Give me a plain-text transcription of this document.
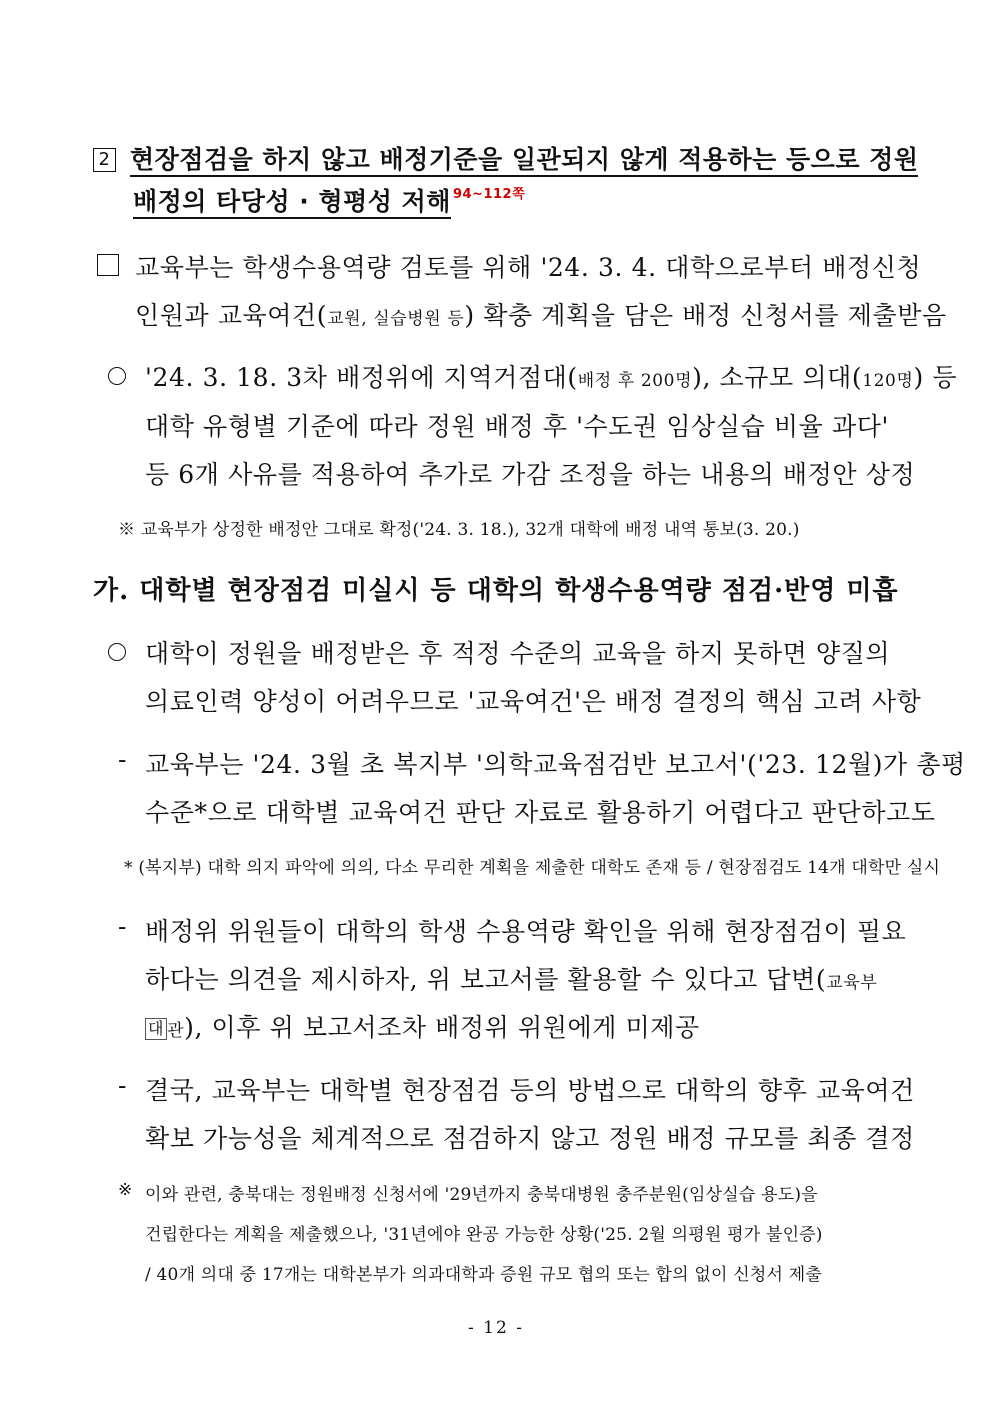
2 현장점검을 하지 않고 배정기준을 일관되지 않게 적용하는 등으로 정원
배정의 타당성 · 형평성 저해 $^{94\sim 112쪽}$
교육부는 학생수용역량 검토를 위해 '24. 3. 4. 대학으로부터 배정신청
인원과 교육여건(교원, 실습병원 등) 확충 계획을 담은 배정 신청서를 제출받음
'24. 3. 18. 3차 배정위에 지역거점대(배정 후 200명), 소규모 의대(120명) 등
대학 유형별 기준에 따라 정원 배정 후 '수도권 임상실습 비율 과다'
등 6개 사유를 적용하여 추가로 가감 조정을 하는 내용의 배정안 상정
※ 교육부가 상정한 배정안 그대로 확정('24. 3. 18.), 32개 대학에 배정 내역 통보(3. 20.)
가. 대학별 현장점검 미실시 등 대학의 학생수용역량 점검·반영 미흡
대학이 정원을 배정받은 후 적정 수준의 교육을 하지 못하면 양질의
의료인력 양성이 어려우므로 '교육여건'은 배정 결정의 핵심 고려 사항
- 교육부는 '24. 3월 초 복지부 '의학교육점검반 보고서'('23. 12월)가 총평
수준*으로 대학별 교육여건 판단 자료로 활용하기 어렵다고 판단하고도
* (복지부) 대학 의지 파악에 의의, 다소 무리한 계획을 제출한 대학도 존재 등 / 현장점검도 14개 대학만 실시
- 배정위 위원들이 대학의 학생 수용역량 확인을 위해 현장점검이 필요
하다는 의견을 제시하자, 위 보고서를 활용할 수 있다고 답변(교육부
대 관), 이후 위 보고서조차 배정위 위원에게 미제공
- 결국, 교육부는 대학별 현장점검 등의 방법으로 대학의 향후 교육여건
확보 가능성을 체계적으로 점검하지 않고 정원 배정 규모를 최종 결정
※ 이와 관련, 충북대는 정원배정 신청서에 '29년까지 충북대병원 충주분원(임상실습 용도)을
건립한다는 계획을 제출했으나, '31년에야 완공 가능한 상황('25. 2월 의평원 평가 불인증)
/ 40개 의대 중 17개는 대학본부가 의과대학과 증원 규모 협의 또는 합의 없이 신청서 제출
- 12 -
